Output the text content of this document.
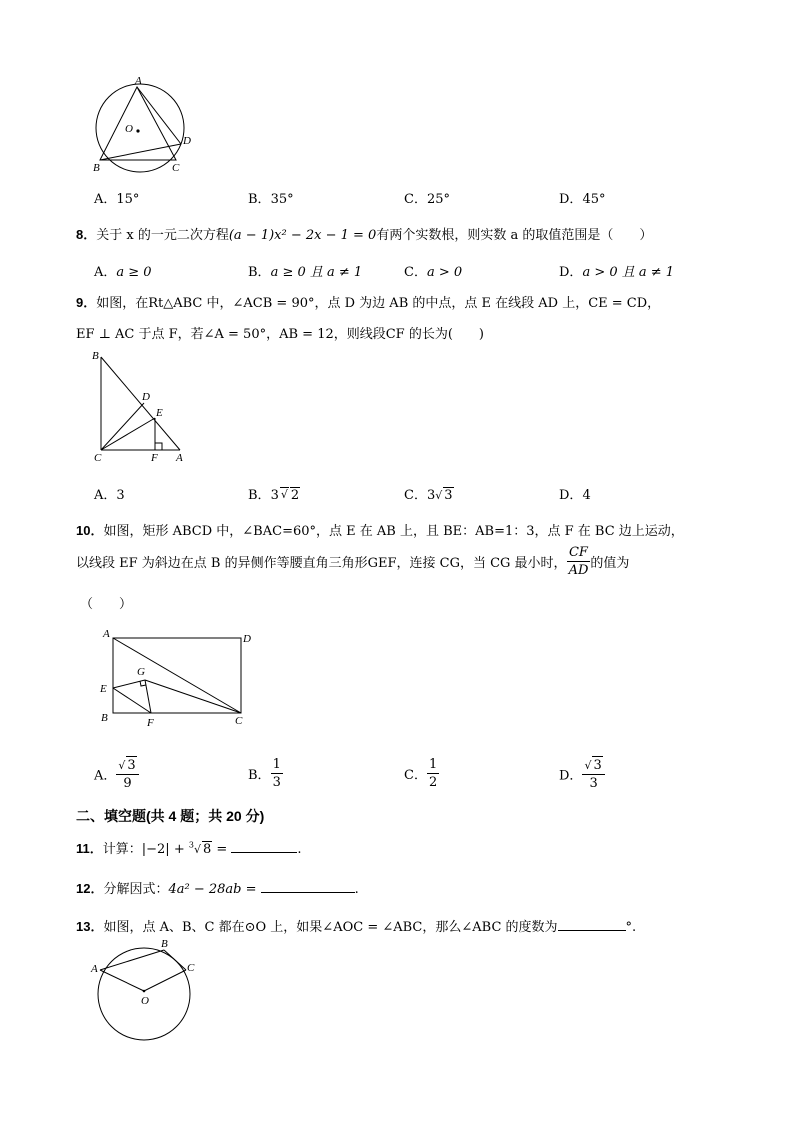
A
O
D
B	C
A．15°	B．35°	C．25°	D．45°
8．关于 x 的一元二次方程(a − 1)x² − 2x − 1 = 0有两个实数根，则实数 a 的取值范围是（　　）
A．a ≥ 0	B．a ≥ 0 且 a ≠ 1	C．a > 0	D．a > 0 且 a ≠ 1
9．如图，在Rt△ABC 中，∠ACB = 90°，点 D 为边 AB 的中点，点 E 在线段 AD 上，CE = CD，
EF ⊥ AC 于点 F，若∠A = 50°，AB = 12，则线段CF 的长为(　　)
B
D
E
C	F A
A．3	B．3 √ 2	C．3√ 3	D．4
10．如图，矩形 ABCD 中，∠BAC=60°，点 E 在 AB 上，且 BE：AB=1：3，点 F 在 BC 边上运动，
以线段 EF 为斜边在点 B 的异侧作等腰直角三角形GEF，连接 CG，当 CG 最小时， $\frac{CF}{AD}$ 的值为
（　　）
A	D
G
E
B	F	C
A． $\frac{√ 3}{9}$	B． $\frac{1}{3}$	C． $\frac{1}{2}$	D． $\frac{√ 3}{3}$
二、填空题(共 4 题；共 20 分)
11．计算：|−2| + $^3$√ 8 =	.
12．分解因式：4a² − 28ab =	.
13．如图，点 A、B、C 都在⊙O 上，如果∠AOC = ∠ABC，那么∠ABC 的度数为	°.
B
A	C
O
